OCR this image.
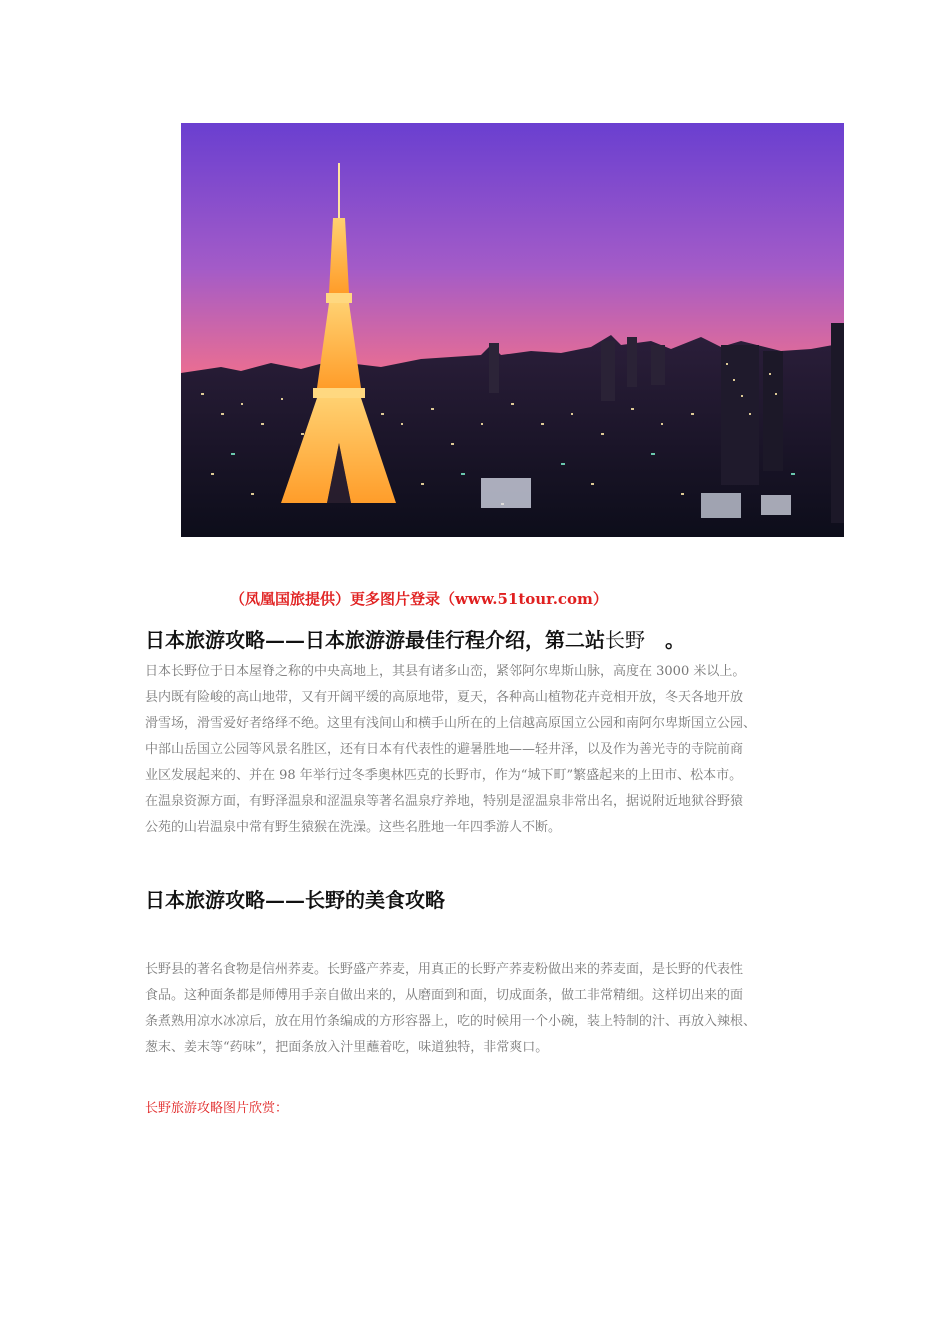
（凤凰国旅提供）更多图片登录（www.51tour.com）

日本旅游攻略——日本旅游游最佳行程介绍，第二站长野　。
日本长野位于日本屋脊之称的中央高地上，其县有诸多山峦，紧邻阿尔卑斯山脉，高度在 3000 米以上。
县内既有险峻的高山地带，又有开阔平缓的高原地带，夏天，各种高山植物花卉竞相开放，冬天各地开放
滑雪场，滑雪爱好者络绎不绝。这里有浅间山和横手山所在的上信越高原国立公园和南阿尔卑斯国立公园、
中部山岳国立公园等风景名胜区，还有日本有代表性的避暑胜地——轻井泽，以及作为善光寺的寺院前商
业区发展起来的、并在 98 年举行过冬季奥林匹克的长野市，作为“城下町”繁盛起来的上田市、松本市。
在温泉资源方面，有野泽温泉和涩温泉等著名温泉疗养地，特别是涩温泉非常出名，据说附近地狱谷野猿
公苑的山岩温泉中常有野生猿猴在洗澡。这些名胜地一年四季游人不断。
日本旅游攻略——长野的美食攻略
长野县的著名食物是信州荞麦。长野盛产荞麦，用真正的长野产荞麦粉做出来的荞麦面，是长野的代表性
食品。这种面条都是师傅用手亲自做出来的，从磨面到和面，切成面条，做工非常精细。这样切出来的面
条煮熟用凉水冰凉后，放在用竹条编成的方形容器上，吃的时候用一个小碗，装上特制的汁、再放入辣根、
葱末、姜末等“药味”，把面条放入汁里蘸着吃，味道独特，非常爽口。

长野旅游攻略图片欣赏：
